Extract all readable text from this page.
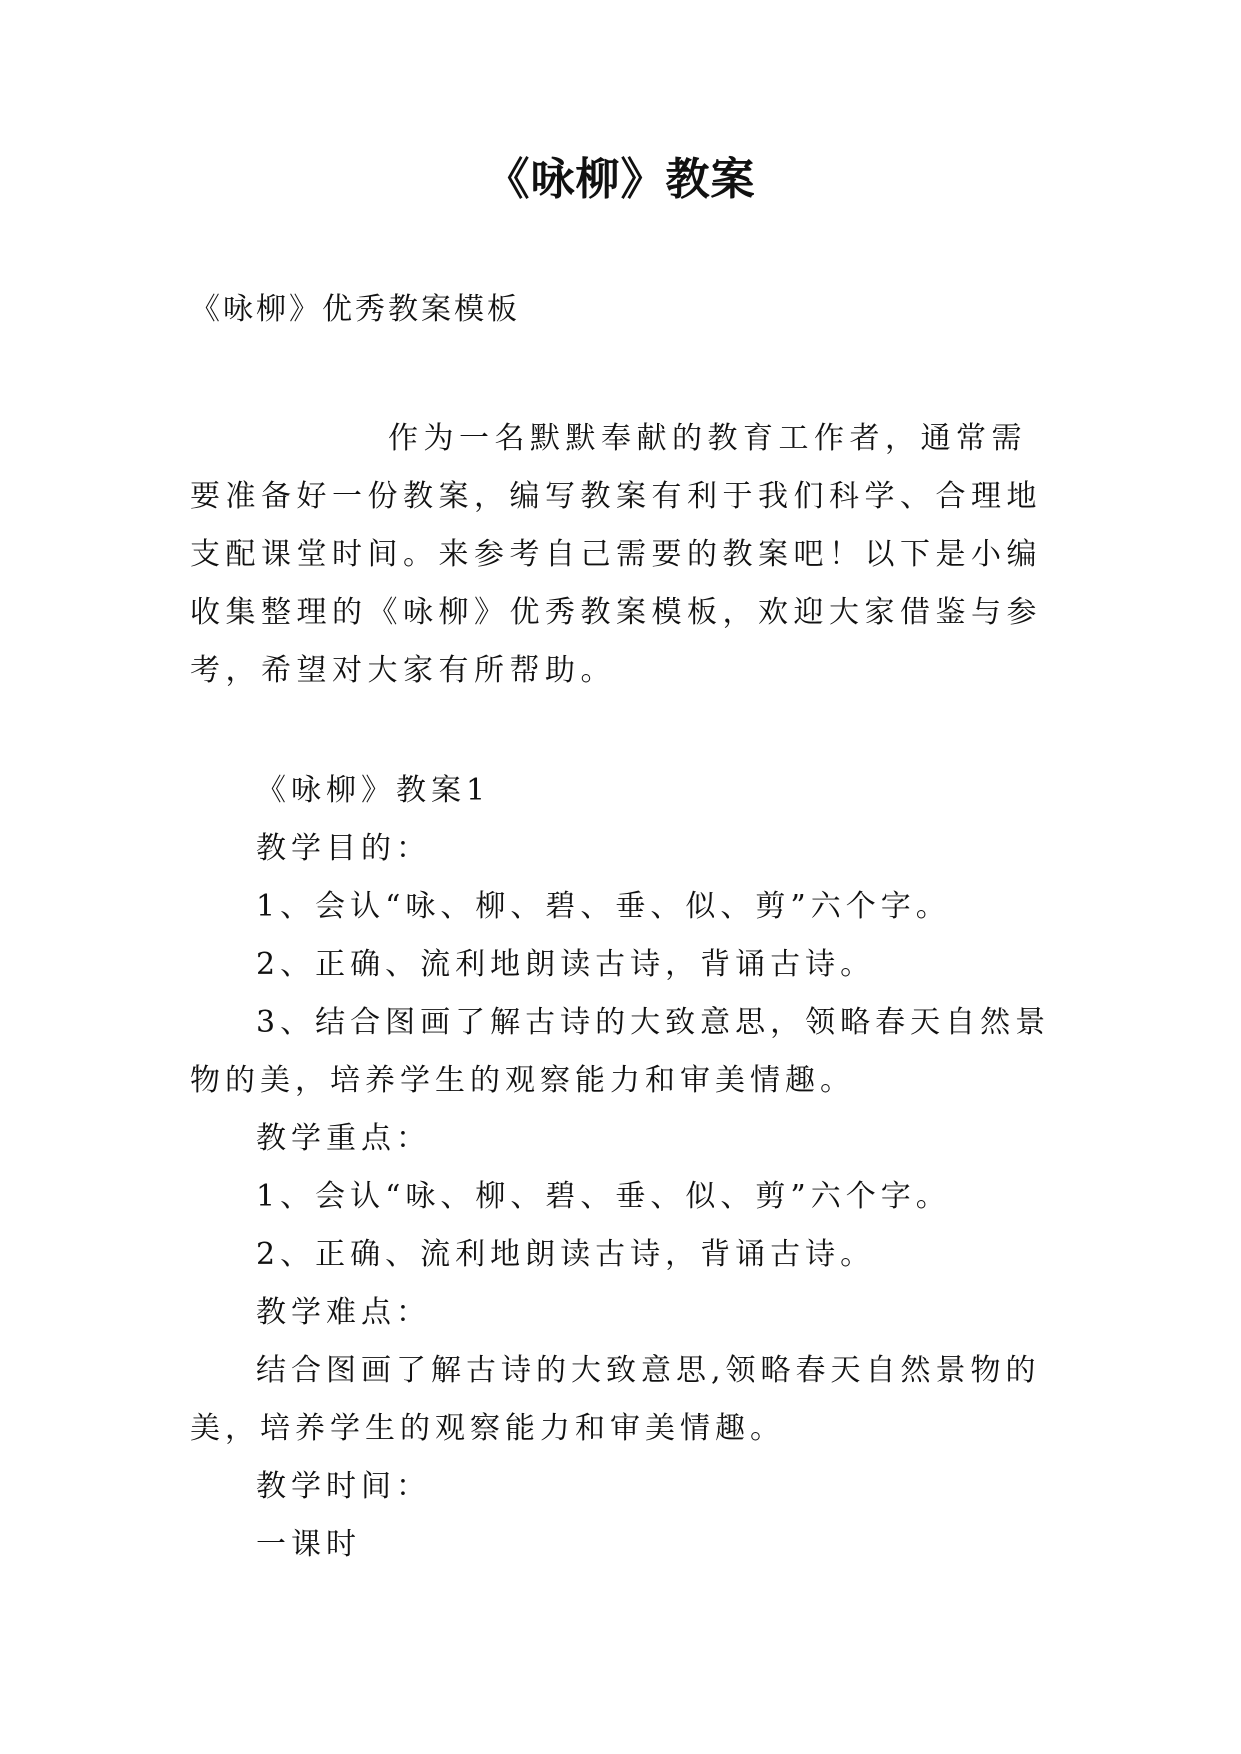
《咏柳》教案

《咏柳》优秀教案模板

作为一名默默奉献的教育工作者，通常需要准备好一份教案，编写教案有利于我们科学、合理地支配课堂时间。来参考自己需要的教案吧！以下是小编收集整理的《咏柳》优秀教案模板，欢迎大家借鉴与参考，希望对大家有所帮助。

《咏柳》教案1

教学目的：

1、会认“咏、柳、碧、垂、似、剪”六个字。

2、正确、流利地朗读古诗，背诵古诗。

3、结合图画了解古诗的大致意思，领略春天自然景物的美，培养学生的观察能力和审美情趣。

教学重点：

1、会认“咏、柳、碧、垂、似、剪”六个字。

2、正确、流利地朗读古诗，背诵古诗。

教学难点：

结合图画了解古诗的大致意思,领略春天自然景物的美，培养学生的观察能力和审美情趣。

教学时间：

一课时
